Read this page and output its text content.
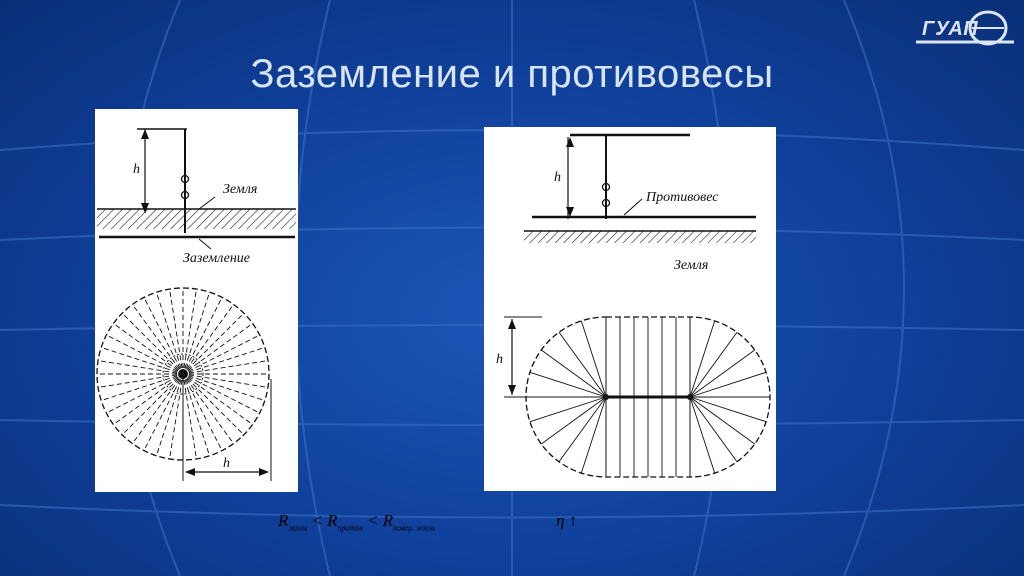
ГУАП
Заземление и противовесы
h
Земля
Заземление
h
h
Противовес
Земля
h
$R_{зазем} < R_{против} < R_{повер. земли}$	η ↑
